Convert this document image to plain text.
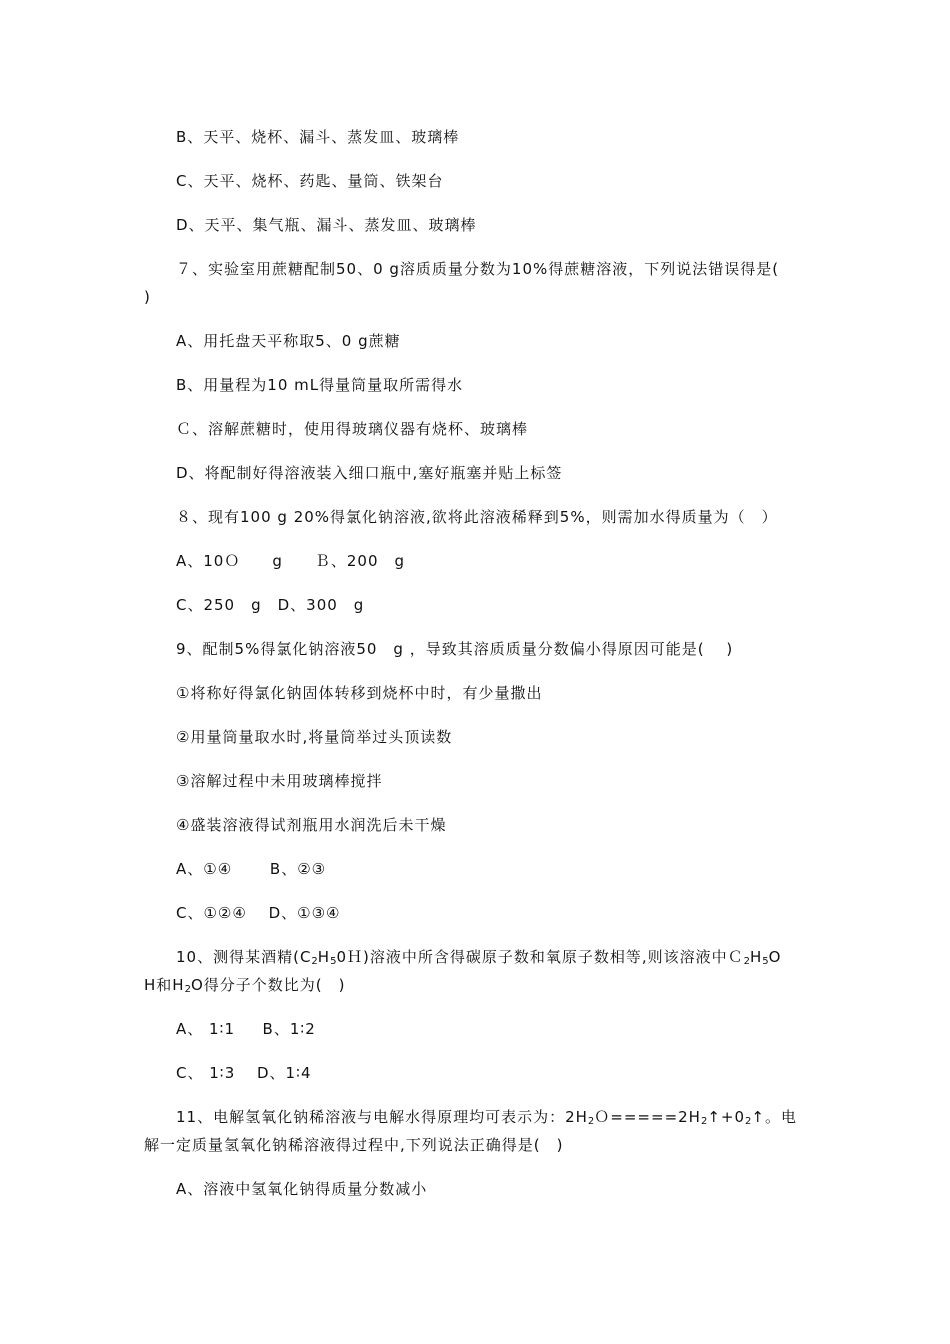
B、天平、烧杯、漏斗、蒸发皿、玻璃棒
C、天平、烧杯、药匙、量筒、铁架台
D、天平、集气瓶、漏斗、蒸发皿、玻璃棒
７、实验室用蔗糖配制50、0 g溶质质量分数为10%得蔗糖溶液，下列说法错误得是(
)
A、用托盘天平称取5、0 g蔗糖
B、用量程为10 mL得量筒量取所需得水
Ｃ、溶解蔗糖时，使用得玻璃仪器有烧杯、玻璃棒
D、将配制好得溶液装入细口瓶中,塞好瓶塞并贴上标签
８、现有100 g 20%得氯化钠溶液,欲将此溶液稀释到5%，则需加水得质量为（　）
A、10Ｏ　　g　　Ｂ、200　g
C、250　g　D、300　g
9、配制5%得氯化钠溶液50　g ，导致其溶质质量分数偏小得原因可能是(　 )
①将称好得氯化钠固体转移到烧杯中时，有少量撒出
②用量筒量取水时,将量筒举过头顶读数
③溶解过程中未用玻璃棒搅拌
④盛装溶液得试剂瓶用水润洗后未干燥
A、①④　　 B、②③
C、①②④　 D、①③④
10、测得某酒精$(C_2H_50H)$溶液中所含得碳原子数和氧原子数相等,则该溶液中$C_2H_5O$
H和$H_2O$得分子个数比为(　)
A、 1∶1 　 B、1∶2
C、 1∶3　 D、1∶4
11、电解氢氧化钠稀溶液与电解水得原理均可表示为：$2H_2O=====2H_2↑+0_2↑$。电
解一定质量氢氧化钠稀溶液得过程中,下列说法正确得是(　)
A、溶液中氢氧化钠得质量分数减小
